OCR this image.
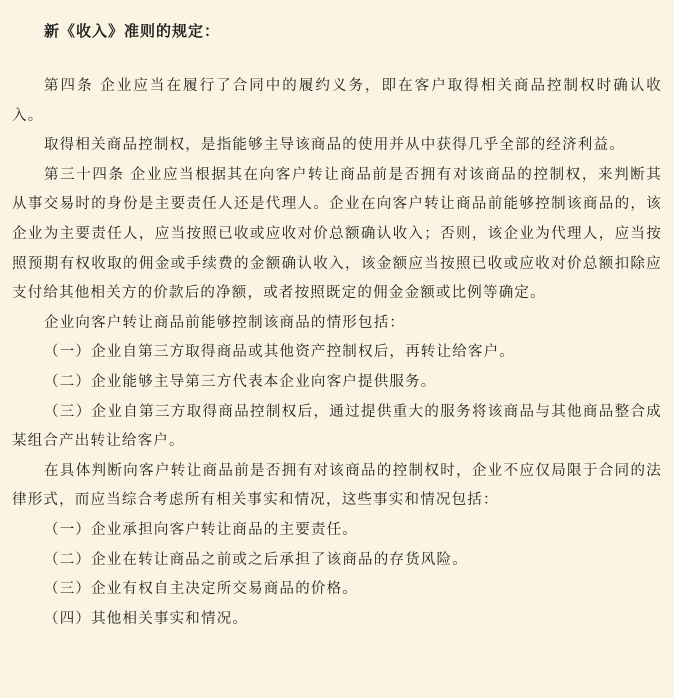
新《收入》准则的规定：

第四条 企业应当在履行了合同中的履约义务，即在客户取得相关商品控制权时确认收入。

取得相关商品控制权，是指能够主导该商品的使用并从中获得几乎全部的经济利益。

第三十四条 企业应当根据其在向客户转让商品前是否拥有对该商品的控制权，来判断其从事交易时的身份是主要责任人还是代理人。企业在向客户转让商品前能够控制该商品的，该企业为主要责任人，应当按照已收或应收对价总额确认收入；否则，该企业为代理人，应当按照预期有权收取的佣金或手续费的金额确认收入，该金额应当按照已收或应收对价总额扣除应支付给其他相关方的价款后的净额，或者按照既定的佣金金额或比例等确定。

企业向客户转让商品前能够控制该商品的情形包括：

（一）企业自第三方取得商品或其他资产控制权后，再转让给客户。

（二）企业能够主导第三方代表本企业向客户提供服务。

（三）企业自第三方取得商品控制权后，通过提供重大的服务将该商品与其他商品整合成某组合产出转让给客户。

在具体判断向客户转让商品前是否拥有对该商品的控制权时，企业不应仅局限于合同的法律形式，而应当综合考虑所有相关事实和情况，这些事实和情况包括：

（一）企业承担向客户转让商品的主要责任。

（二）企业在转让商品之前或之后承担了该商品的存货风险。

（三）企业有权自主决定所交易商品的价格。

（四）其他相关事实和情况。
